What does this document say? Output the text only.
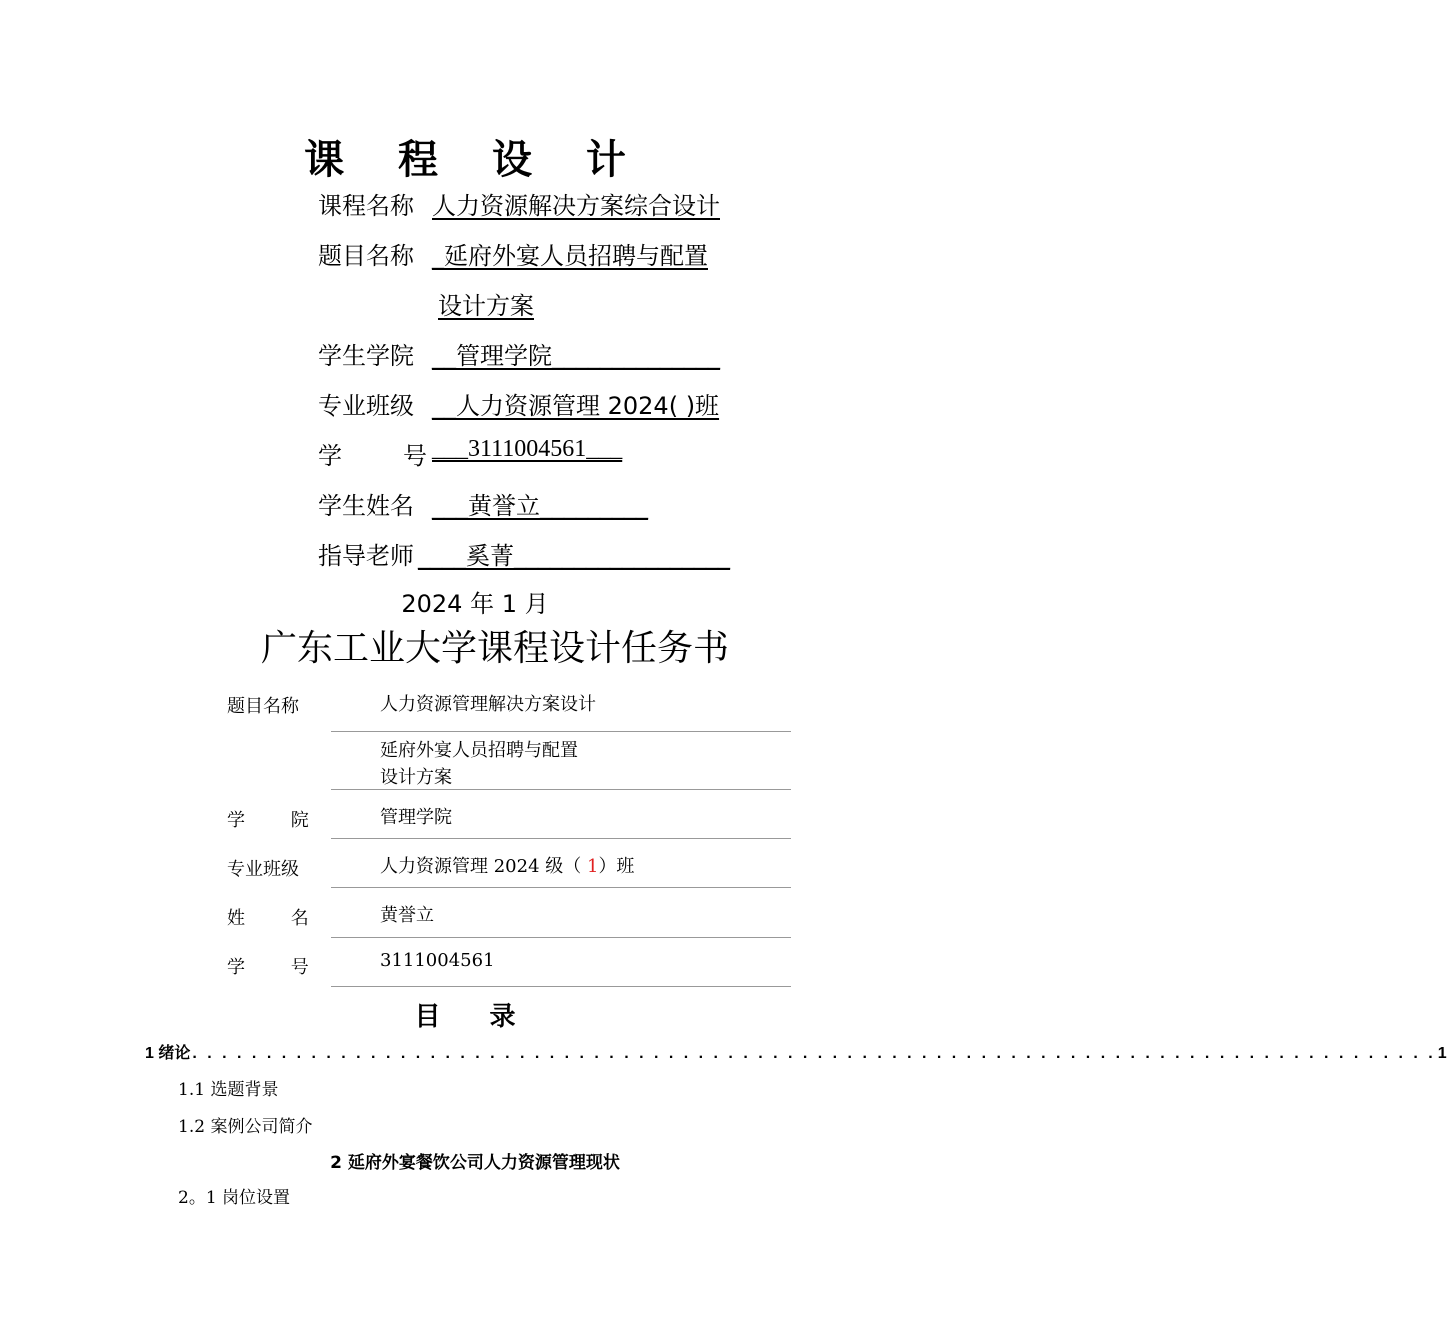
课 程 设 计
课程名称 人力资源解决方案综合设计
题目名称 _延府外宴人员招聘与配置
设计方案
学生学院 __管理学院______________
专业班级 __人力资源管理 2024( )班
学        号 ___3111004561___
学生姓名 ___黄誉立_________
指导老师 ____奚菁__________________
2024 年 1 月
广东工业大学课程设计任务书
题目名称	人力资源管理解决方案设计
延府外宴人员招聘与配置
设计方案
学        院	管理学院
专业班级	人力资源管理 2024 级（ 1）班
姓        名	黄誉立
学        号	3111004561
目 录
1 绪论 . . . . . . . . . . . . . . . . . . . . . . . . . . . . . . . . . . . . . . . . . . . . . . . . . . . . . . . . . . . . . . . . . . . . . . . . . . . . . . . . . . . . 1
1.1 选题背景
1.2 案例公司简介
2 延府外宴餐饮公司人力资源管理现状
2。1 岗位设置
